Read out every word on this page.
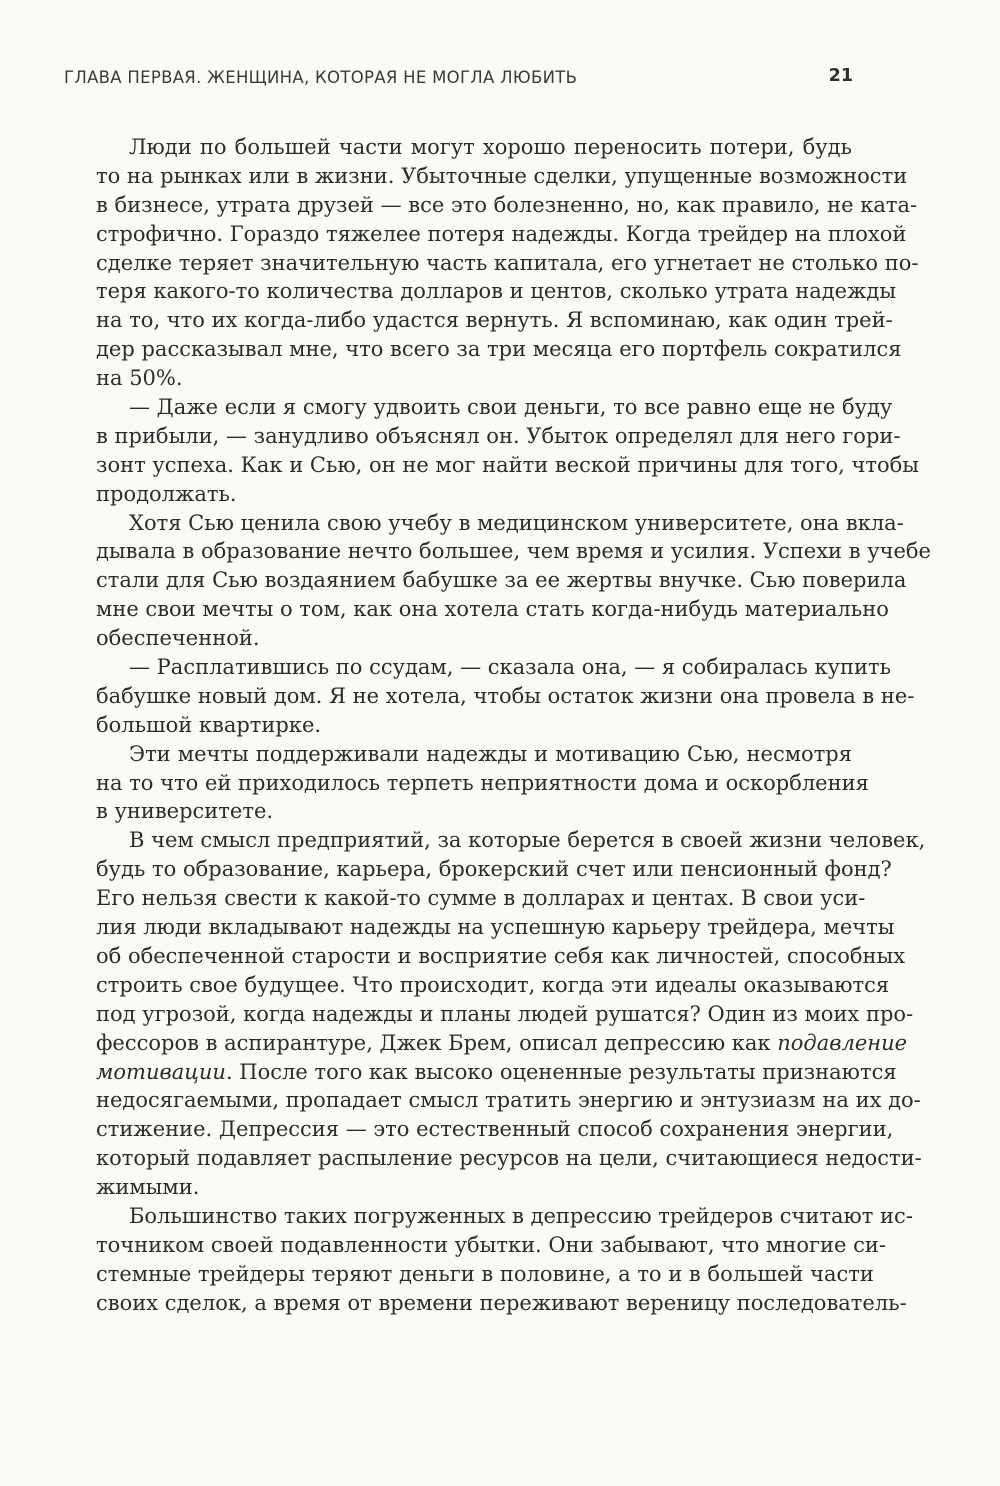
ГЛАВА ПЕРВАЯ. ЖЕНЩИНА, КОТОРАЯ НЕ МОГЛА ЛЮБИТЬ	21
Люди по большей части могут хорошо переносить потери, будь
то на рынках или в жизни. Убыточные сделки, упущенные возможности
в бизнесе, утрата друзей — все это болезненно, но, как правило, не ката-
строфично. Гораздо тяжелее потеря надежды. Когда трейдер на плохой
сделке теряет значительную часть капитала, его угнетает не столько по-
теря какого-то количества долларов и центов, сколько утрата надежды
на то, что их когда-либо удастся вернуть. Я вспоминаю, как один трей-
дер рассказывал мне, что всего за три месяца его портфель сократился
на 50%.
— Даже если я смогу удвоить свои деньги, то все равно еще не буду
в прибыли, — занудливо объяснял он. Убыток определял для него гори-
зонт успеха. Как и Сью, он не мог найти веской причины для того, чтобы
продолжать.
Хотя Сью ценила свою учебу в медицинском университете, она вкла-
дывала в образование нечто большее, чем время и усилия. Успехи в учебе
стали для Сью воздаянием бабушке за ее жертвы внучке. Сью поверила
мне свои мечты о том, как она хотела стать когда-нибудь материально
обеспеченной.
— Расплатившись по ссудам, — сказала она, — я собиралась купить
бабушке новый дом. Я не хотела, чтобы остаток жизни она провела в не-
большой квартирке.
Эти мечты поддерживали надежды и мотивацию Сью, несмотря
на то что ей приходилось терпеть неприятности дома и оскорбления
в университете.
В чем смысл предприятий, за которые берется в своей жизни человек,
будь то образование, карьера, брокерский счет или пенсионный фонд?
Его нельзя свести к какой-то сумме в долларах и центах. В свои уси-
лия люди вкладывают надежды на успешную карьеру трейдера, мечты
об обеспеченной старости и восприятие себя как личностей, способных
строить свое будущее. Что происходит, когда эти идеалы оказываются
под угрозой, когда надежды и планы людей рушатся? Один из моих про-
фессоров в аспирантуре, Джек Брем, описал депрессию как подавление
мотивации. После того как высоко оцененные результаты признаются
недосягаемыми, пропадает смысл тратить энергию и энтузиазм на их до-
стижение. Депрессия — это естественный способ сохранения энергии,
который подавляет распыление ресурсов на цели, считающиеся недости-
жимыми.
Большинство таких погруженных в депрессию трейдеров считают ис-
точником своей подавленности убытки. Они забывают, что многие си-
стемные трейдеры теряют деньги в половине, а то и в большей части
своих сделок, а время от времени переживают вереницу последователь-
